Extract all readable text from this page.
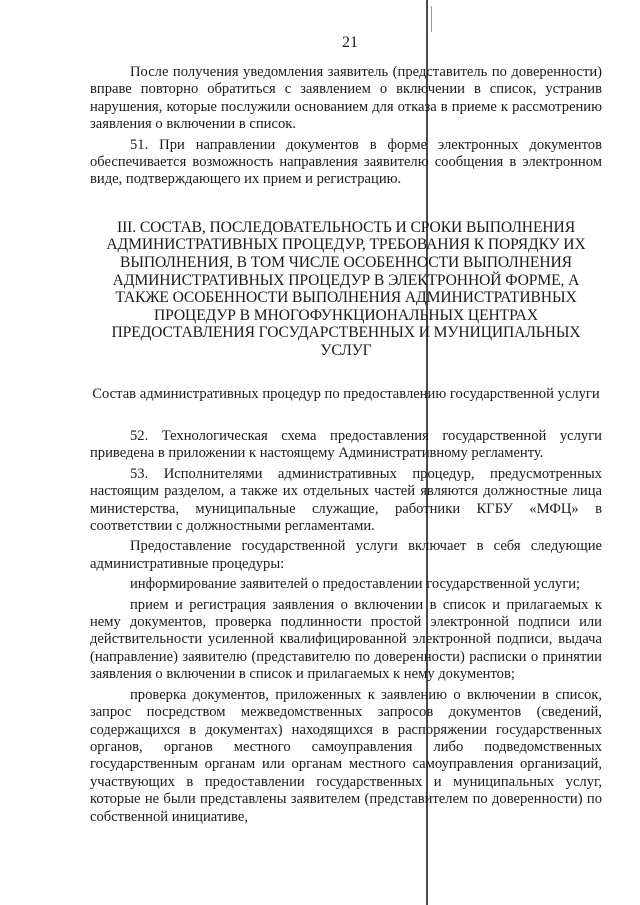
21

После получения уведомления заявитель (представитель по доверенности) вправе повторно обратиться с заявлением о включении в список, устранив нарушения, которые послужили основанием для отказа в приеме к рассмотрению заявления о включении в список.

51. При направлении документов в форме электронных документов обеспечивается возможность направления заявителю сообщения в электронном виде, подтверждающего их прием и регистрацию.

III. СОСТАВ, ПОСЛЕДОВАТЕЛЬНОСТЬ И СРОКИ ВЫПОЛНЕНИЯ АДМИНИСТРАТИВНЫХ ПРОЦЕДУР, ТРЕБОВАНИЯ К ПОРЯДКУ ИХ ВЫПОЛНЕНИЯ, В ТОМ ЧИСЛЕ ОСОБЕННОСТИ ВЫПОЛНЕНИЯ АДМИНИСТРАТИВНЫХ ПРОЦЕДУР В ЭЛЕКТРОННОЙ ФОРМЕ, А ТАКЖЕ ОСОБЕННОСТИ ВЫПОЛНЕНИЯ АДМИНИСТРАТИВНЫХ ПРОЦЕДУР В МНОГОФУНКЦИОНАЛЬНЫХ ЦЕНТРАХ ПРЕДОСТАВЛЕНИЯ ГОСУДАРСТВЕННЫХ И МУНИЦИПАЛЬНЫХ УСЛУГ
Состав административных процедур по предоставлению государственной услуги

52. Технологическая схема предоставления государственной услуги приведена в приложении к настоящему Административному регламенту.

53. Исполнителями административных процедур, предусмотренных настоящим разделом, а также их отдельных частей являются должностные лица министерства, муниципальные служащие, работники КГБУ «МФЦ» в соответствии с должностными регламентами.

Предоставление государственной услуги включает в себя следующие административные процедуры:

информирование заявителей о предоставлении государственной услуги;

прием и регистрация заявления о включении в список и прилагаемых к нему документов, проверка подлинности простой электронной подписи или действительности усиленной квалифицированной электронной подписи, выдача (направление) заявителю (представителю по доверенности) расписки о принятии заявления о включении в список и прилагаемых к нему документов;

проверка документов, приложенных к заявлению о включении в список, запрос посредством межведомственных запросов документов (сведений, содержащихся в документах) находящихся в распоряжении государственных органов, органов местного самоуправления либо подведомственных государственным органам или органам местного самоуправления организаций, участвующих в предоставлении государственных и муниципальных услуг, которые не были представлены заявителем (представителем по доверенности) по собственной инициативе,
